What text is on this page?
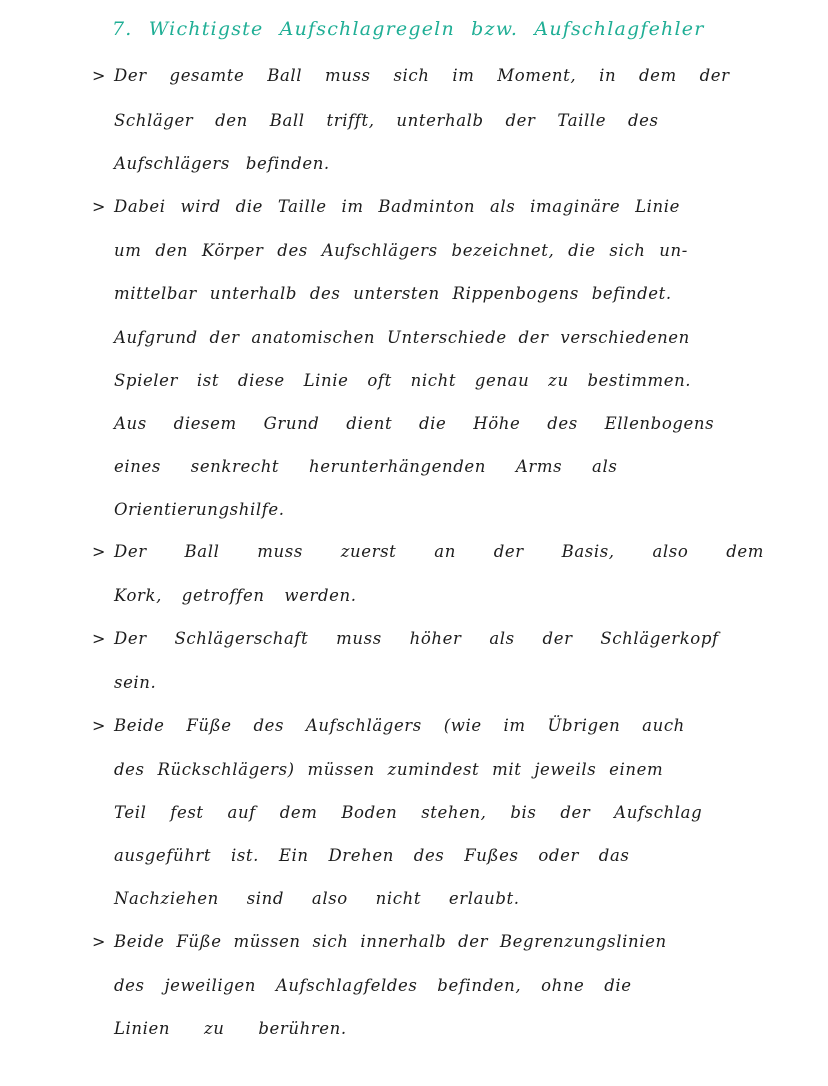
7. Wichtigste Aufschlagregeln bzw. Aufschlagfehler
>
>
>
>
>
>
Der gesamte Ball muss sich im Moment, in dem der
Schläger den Ball trifft, unterhalb der Taille des
Aufschlägers befinden.
Dabei wird die Taille im Badminton als imaginäre Linie
um den Körper des Aufschlägers bezeichnet, die sich un-
mittelbar unterhalb des untersten Rippenbogens befindet.
Aufgrund der anatomischen Unterschiede der verschiedenen
Spieler ist diese Linie oft nicht genau zu bestimmen.
Aus diesem Grund dient die Höhe des Ellenbogens
eines senkrecht herunterhängenden Arms als
Orientierungshilfe.
Der Ball muss zuerst an der Basis, also dem
Kork, getroffen werden.
Der Schlägerschaft muss höher als der Schlägerkopf
sein.
Beide Füße des Aufschlägers (wie im Übrigen auch
des Rückschlägers) müssen zumindest mit jeweils einem
Teil fest auf dem Boden stehen, bis der Aufschlag
ausgeführt ist. Ein Drehen des Fußes oder das
Nachziehen sind also nicht erlaubt.
Beide Füße müssen sich innerhalb der Begrenzungslinien
des jeweiligen Aufschlagfeldes befinden, ohne die
Linien zu berühren.
